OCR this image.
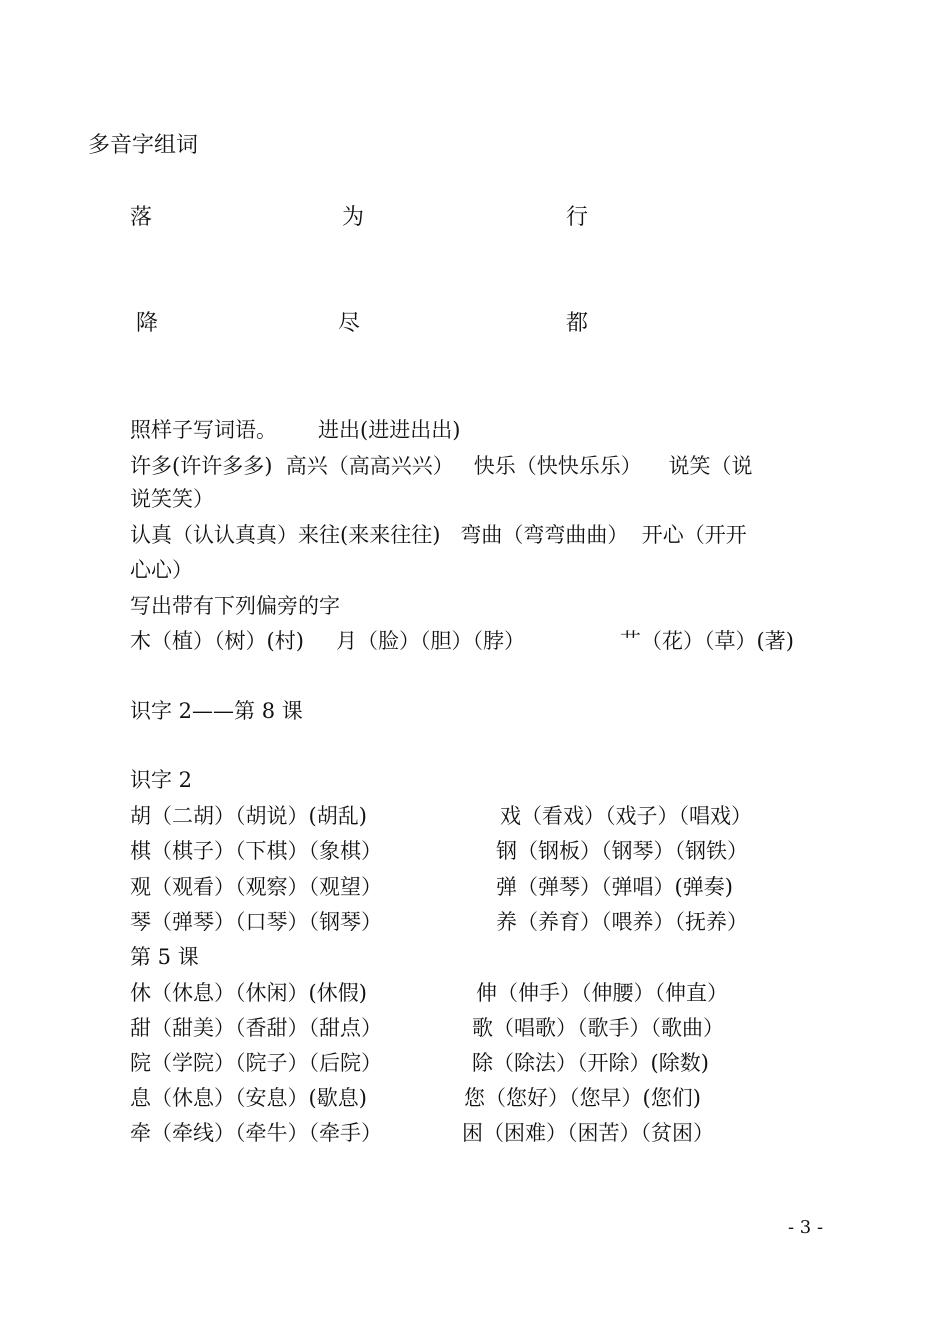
多音字组词
落	为	行
降	尽	都
照样子写词语。 进出(进进出出)
许多(许许多多)  高兴（高高兴兴）   快乐（快快乐乐）    说笑（说
说笑笑）
认真（认认真真）来往(来来往往)   弯曲（弯弯曲曲）  开心（开开
心心）
写出带有下列偏旁的字
木（植）（树）(村) 月（脸）（胆）（脖）	艹（花）（草）(著)
识字 2——第 8 课
识字 2
胡（二胡）（胡说）(胡乱)	戏（看戏）（戏子）（唱戏）
棋（棋子）（下棋）（象棋）	钢（钢板）（钢琴）（钢铁）
观（观看）（观察）（观望）	弹（弹琴）（弹唱）(弹奏)
琴（弹琴）（口琴）（钢琴）	养（养育）（喂养）（抚养）
第 5 课
休（休息）（休闲）(休假)	伸（伸手）（伸腰）（伸直）
甜（甜美）（香甜）（甜点）	歌（唱歌）（歌手）（歌曲）
院（学院）（院子）（后院）	除（除法）（开除）(除数)
息（休息）（安息）(歇息)	您（您好）（您早）(您们)
牵（牵线）（牵牛）（牵手）	困（困难）（困苦）（贫困）
- 3 -
